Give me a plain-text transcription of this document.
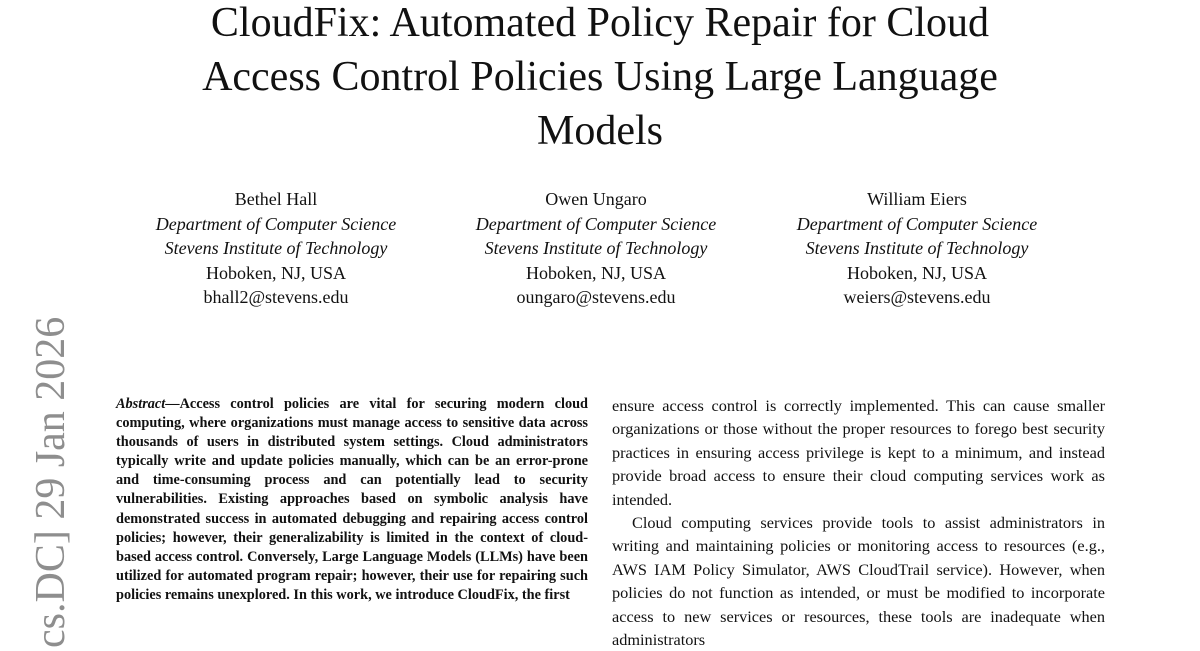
CloudFix: Automated Policy Repair for Cloud
Access Control Policies Using Large Language
Models
Bethel Hall
Department of Computer Science
Stevens Institute of Technology
Hoboken, NJ, USA
bhall2@stevens.edu
Owen Ungaro
Department of Computer Science
Stevens Institute of Technology
Hoboken, NJ, USA
oungaro@stevens.edu
William Eiers
Department of Computer Science
Stevens Institute of Technology
Hoboken, NJ, USA
weiers@stevens.edu
cs.DC] 29 Jan 2026	Abstract—Access control policies are vital for securing modern cloud computing, where organizations must manage access to sensitive data across thousands of users in distributed system settings. Cloud administrators typically write and update policies manually, which can be an error-prone and time-consuming process and can potentially lead to security vulnerabilities. Existing approaches based on symbolic analysis have demonstrated success in automated debugging and repairing access control policies; however, their generalizability is limited in the context of cloud-based access control. Conversely, Large Language Models (LLMs) have been utilized for automated program repair; however, their use for repairing such policies remains unexplored. In this work, we introduce CloudFix, the first

ensure access control is correctly implemented. This can cause smaller organizations or those without the proper resources to forego best security practices in ensuring access privilege is kept to a minimum, and instead provide broad access to ensure their cloud computing services work as intended.

Cloud computing services provide tools to assist administrators in writing and maintaining policies or monitoring access to resources (e.g., AWS IAM Policy Simulator, AWS CloudTrail service). However, when policies do not function as intended, or must be modified to incorporate access to new services or resources, these tools are inadequate when administrators
